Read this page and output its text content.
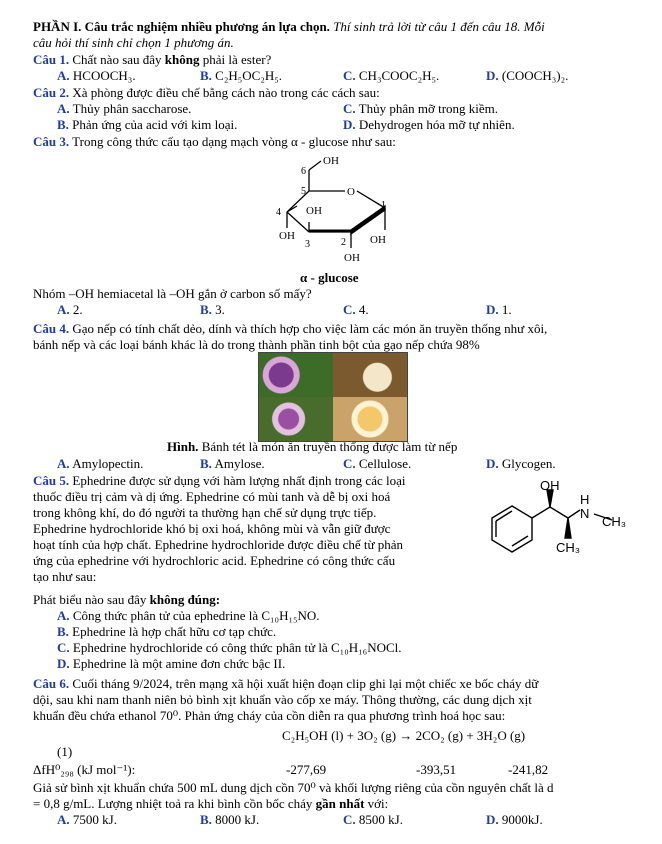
PHẦN I. Câu trắc nghiệm nhiều phương án lựa chọn. Thí sinh trả lời từ câu 1 đến câu 18. Mỗi
câu hỏi thí sinh chỉ chọn 1 phương án.
Câu 1. Chất nào sau đây không phải là ester?
A. HCOOCH₃.	B. C₂H₅OC₂H₅.	C. CH₃COOC₂H₅.	D. (COOCH₃)₂.
Câu 2. Xà phòng được điều chế bằng cách nào trong các cách sau:
A. Thủy phân saccharose.	C. Thủy phân mỡ trong kiềm.
B. Phản ứng của acid với kim loại.	D. Dehydrogen hóa mỡ tự nhiên.
Câu 3. Trong công thức cấu tạo dạng mạch vòng α - glucose như sau:
OH
6
5	O
4 OH	1
OH
3	2 OH
OH
α - glucose
Nhóm –OH hemiacetal là –OH gắn ở carbon số mấy?
A. 2.	B. 3.	C. 4.	D. 1.
Câu 4. Gạo nếp có tính chất dẻo, dính và thích hợp cho việc làm các món ăn truyền thống như xôi,
bánh nếp và các loại bánh khác là do trong thành phần tinh bột của gạo nếp chứa 98%
Hình. Bánh tét là món ăn truyền thống được làm từ nếp
A. Amylopectin.	B. Amylose.	C. Cellulose.	D. Glycogen.
Câu 5. Ephedrine được sử dụng với hàm lượng nhất định trong các loại
thuốc điều trị cảm và dị ứng. Ephedrine có mùi tanh và dễ bị oxi hoá
trong không khí, do đó người ta thường hạn chế sử dụng trực tiếp.
Ephedrine hydrochloride khó bị oxi hoá, không mùi và vẫn giữ được
hoạt tính của hợp chất. Ephedrine hydrochloride được điều chế từ phản
ứng của ephedrine với hydrochloric acid. Ephedrine có công thức cấu
tạo như sau:
OH
H
N
CH₃
CH₃
Phát biểu nào sau đây không đúng:
A. Công thức phân tử của ephedrine là C₁₀H₁₅NO.
B. Ephedrine là hợp chất hữu cơ tạp chức.
C. Ephedrine hydrochloride có công thức phân tử là C₁₀H₁₆NOCl.
D. Ephedrine là một amine đơn chức bậc II.
Câu 6. Cuối tháng 9/2024, trên mạng xã hội xuất hiện đoạn clip ghi lại một chiếc xe bốc cháy dữ
dội, sau khi nam thanh niên bỏ bình xịt khuẩn vào cốp xe máy. Thông thường, các dung dịch xịt
khuẩn đều chứa ethanol 70⁰. Phản ứng cháy của cồn diễn ra qua phương trình hoá học sau:
C₂H₅OH (l) + 3O₂ (g) → 2CO₂ (g) + 3H₂O (g)
(1)
ΔfH⁰₂₉₈ (kJ mol⁻¹):	-277,69	-393,51	-241,82
Giả sử bình xịt khuẩn chứa 500 mL dung dịch cồn 70⁰ và khối lượng riêng của cồn nguyên chất là d
= 0,8 g/mL. Lượng nhiệt toả ra khi bình cồn bốc cháy gần nhất với:
A. 7500 kJ.	B. 8000 kJ.	C. 8500 kJ.	D. 9000kJ.
